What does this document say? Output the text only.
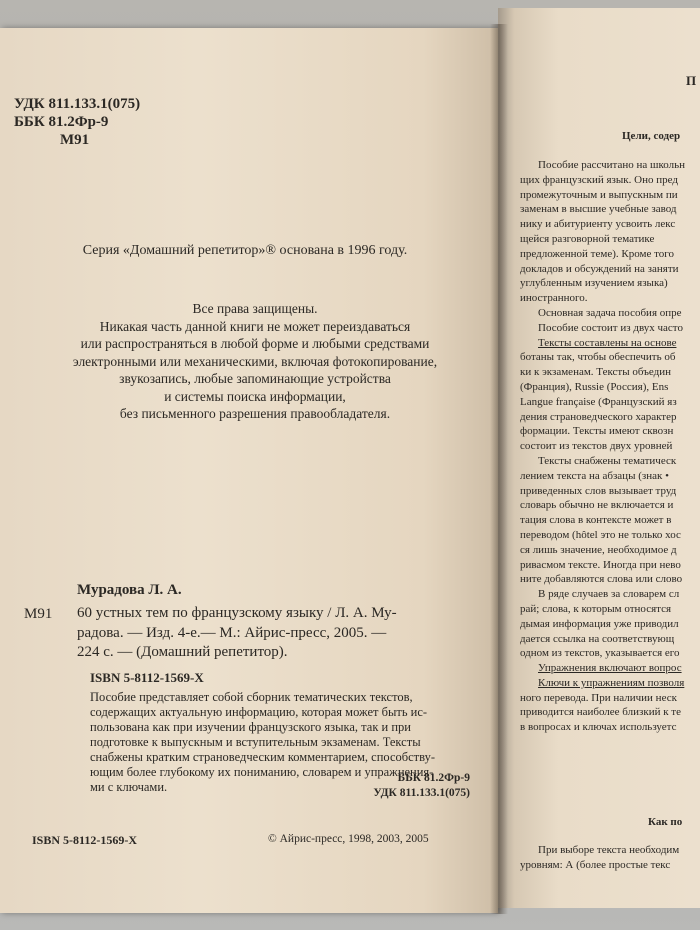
УДК 811.133.1(075)
ББК 81.2Фр-9
М91
Серия «Домашний репетитор»® основана в 1996 году.
Все права защищены.
Никакая часть данной книги не может переиздаваться
или распространяться в любой форме и любыми средствами
электронными или механическими, включая фотокопирование,
звукозапись, любые запоминающие устройства
и системы поиска информации,
без письменного разрешения правообладателя.
Мурадова Л. А.
М91 60 устных тем по французскому языку / Л. А. Му-
радова. — Изд. 4-е.— М.: Айрис-пресс, 2005. —
224 с. — (Домашний репетитор).
ISBN 5-8112-1569-X
Пособие представляет собой сборник тематических текстов,
содержащих актуальную информацию, которая может быть ис-
пользована как при изучении французского языка, так и при
подготовке к выпускным и вступительным экзаменам. Тексты
снабжены кратким страноведческим комментарием, способству-
ющим более глубокому их пониманию, словарем и упражнения-
ми с ключами.
ББК 81.2Фр-9
УДК 811.133.1(075)
ISBN 5-8112-1569-X	© Айрис-пресс, 1998, 2003, 2005
П
Цели, содер
Пособие рассчитано на школьн
щих французский язык. Оно пред
промежуточным и выпускным пи
заменам в высшие учебные завод
нику и абитуриенту усвоить лекс
щейся разговорной тематике
предложенной теме). Кроме того
докладов и обсуждений на заняти
углубленным изучением языка)
иностранного.
Основная задача пособия опре
Пособие состоит из двух часто
Тексты составлены на основе
ботаны так, чтобы обеспечить об
ки к экзаменам. Тексты объедин
(Франция), Russie (Россия), Ens
Langue française (Французский яз
дения страноведческого характер
формации. Тексты имеют сквозн
состоит из текстов двух уровней
Тексты снабжены тематическ
лением текста на абзацы (знак •
приведенных слов вызывает труд
словарь обычно не включается и
тация слова в контексте может в
переводом (hôtel это не только хос
ся лишь значение, необходимое д
ривасмом тексте. Иногда при нево
ните добавляются слова или слово
В ряде случаев за словарем сл
рай; слова, к которым относятся
дымая информация уже приводил
дается ссылка на соответствующ
одном из текстов, указывается его
Упражнения включают вопрос
Ключи к упражнениям позволя
ного перевода. При наличии неск
приводится наиболее близкий к те
в вопросах и ключах используетс
Как по
При выборе текста необходим
уровням: А (более простые текс
